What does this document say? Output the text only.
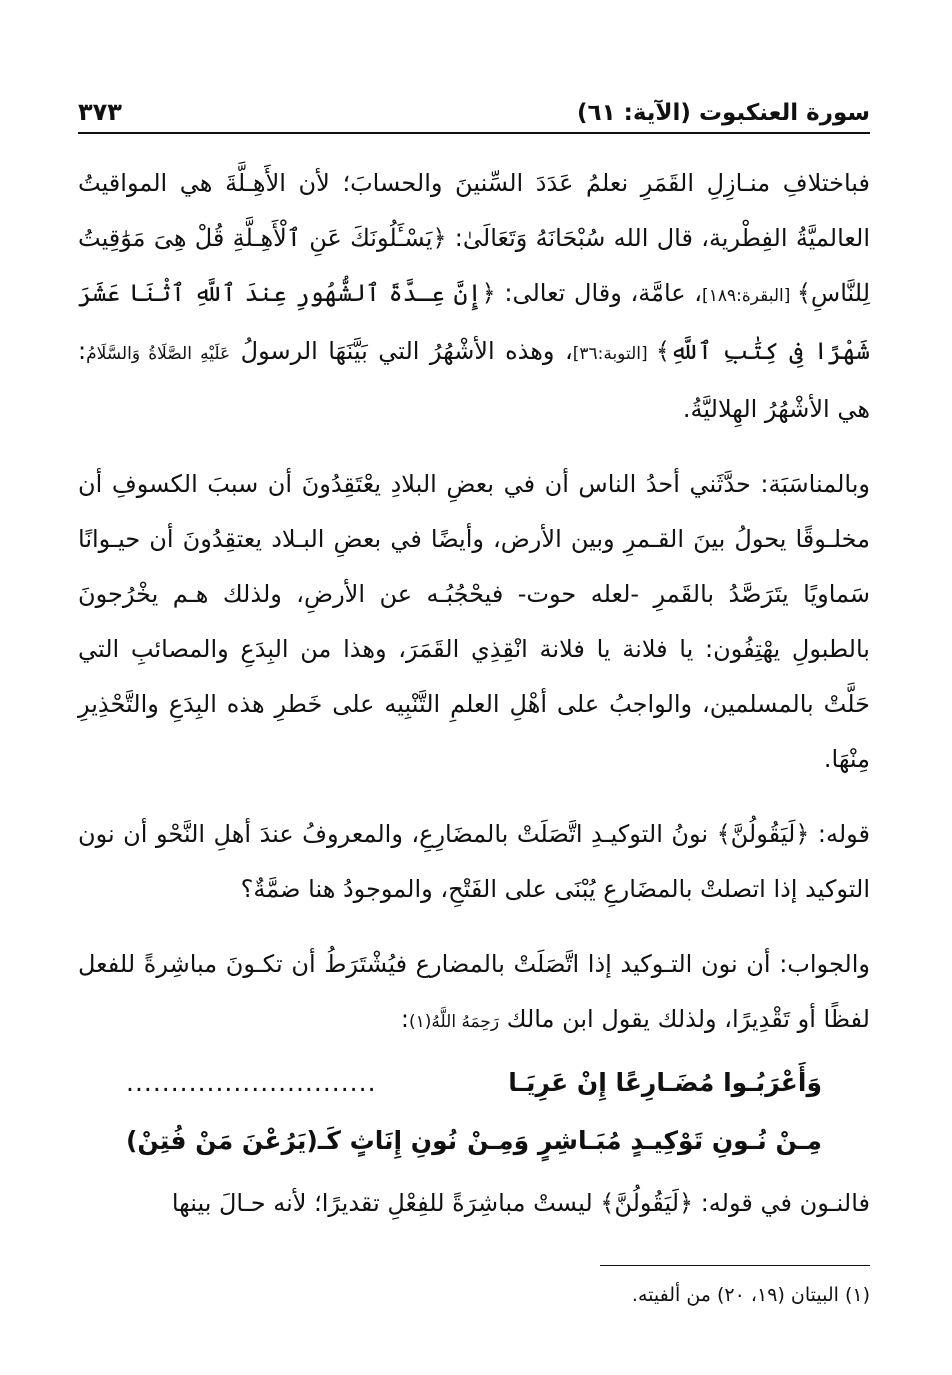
سورة العنكبوت (الآية: ٦١)
٣٧٣

فباختلافِ منـازِلِ القَمَرِ نعلمُ عَدَدَ السِّنينَ والحسابَ؛ لأن الأَهِـلَّةَ هي المواقيتُ العالميَّةُ الفِطْرية، قال الله سُبْحَانَهُ وَتَعَالَىٰ: ﴿يَسْـَٔلُونَكَ عَنِ ٱلْأَهِـلَّةِ قُلْ هِىَ مَوَٰقِيتُ لِلنَّاسِ﴾ [البقرة:١٨٩]، عامَّة، وقال تعالى: ﴿إِنَّ عِـدَّةَ ٱلشُّهُورِ عِندَ ٱللَّهِ ٱثْنَا عَشَرَ شَهْرًا فِى كِتَٰبِ ٱللَّهِ﴾ [التوبة:٣٦]، وهذه الأشْهُرُ التي بَيَّنَهَا الرسولُ عَلَيْهِ الصَّلَاةُ وَالسَّلَامُ: هي الأشْهُرُ الهِلاليَّةُ.

وبالمناسَبَة: حدَّثَني أحدُ الناس أن في بعضِ البلادِ يعْتَقِدُونَ أن سببَ الكسوفِ أن مخلـوقًا يحولُ بينَ القـمرِ وبين الأرض، وأيضًا في بعضِ البـلاد يعتقِدُونَ أن حيـوانًا سَماويًا يتَرَصَّدُ بالقَمرِ -لعله حوت- فيحْجُبُـه عن الأرضِ، ولذلك هـم يخْرُجونَ بالطبولِ يهْتِفُون: يا فلانة يا فلانة انْقِذِي القَمَرَ، وهذا من البِدَعِ والمصائبِ التي حَلَّتْ بالمسلمين، والواجبُ على أهْلِ العلمِ التَّنْبِيه على خَطرِ هذه البِدَعِ والتَّحْذِيرِ مِنْهَا.

قوله: ﴿لَيَقُولُنَّ﴾ نونُ التوكيـدِ اتَّصَلَتْ بالمضَارِعِ، والمعروفُ عندَ أهلِ النَّحْو أن نون التوكيد إذا اتصلتْ بالمضَارعِ يُبْنَى على الفَتْحِ، والموجودُ هنا ضمَّةٌ؟

والجواب: أن نون التـوكيد إذا اتَّصَلَتْ بالمضارع فيُشْتَرَطُ أن تكـونَ مباشِرةً للفعل لفظًا أو تَقْدِيرًا، ولذلك يقول ابن مالك رَحِمَهُ اللَّهُ(١):

وَأَعْرَبُـوا مُضَـارِعًا إِنْ عَرِيَـا
............................
مِـنْ نُـونِ تَوْكِيـدٍ مُبَـاشِرٍ وَمِـنْ
نُونِ إِنَاثٍ كَـ(يَرُعْنَ مَنْ فُتِنْ)

فالنـون في قوله: ﴿لَيَقُولُنَّ﴾ ليستْ مباشِرَةً للفِعْلِ تقديرًا؛ لأنه حـالَ بينها

(١) البيتان (١٩، ٢٠) من ألفيته.
